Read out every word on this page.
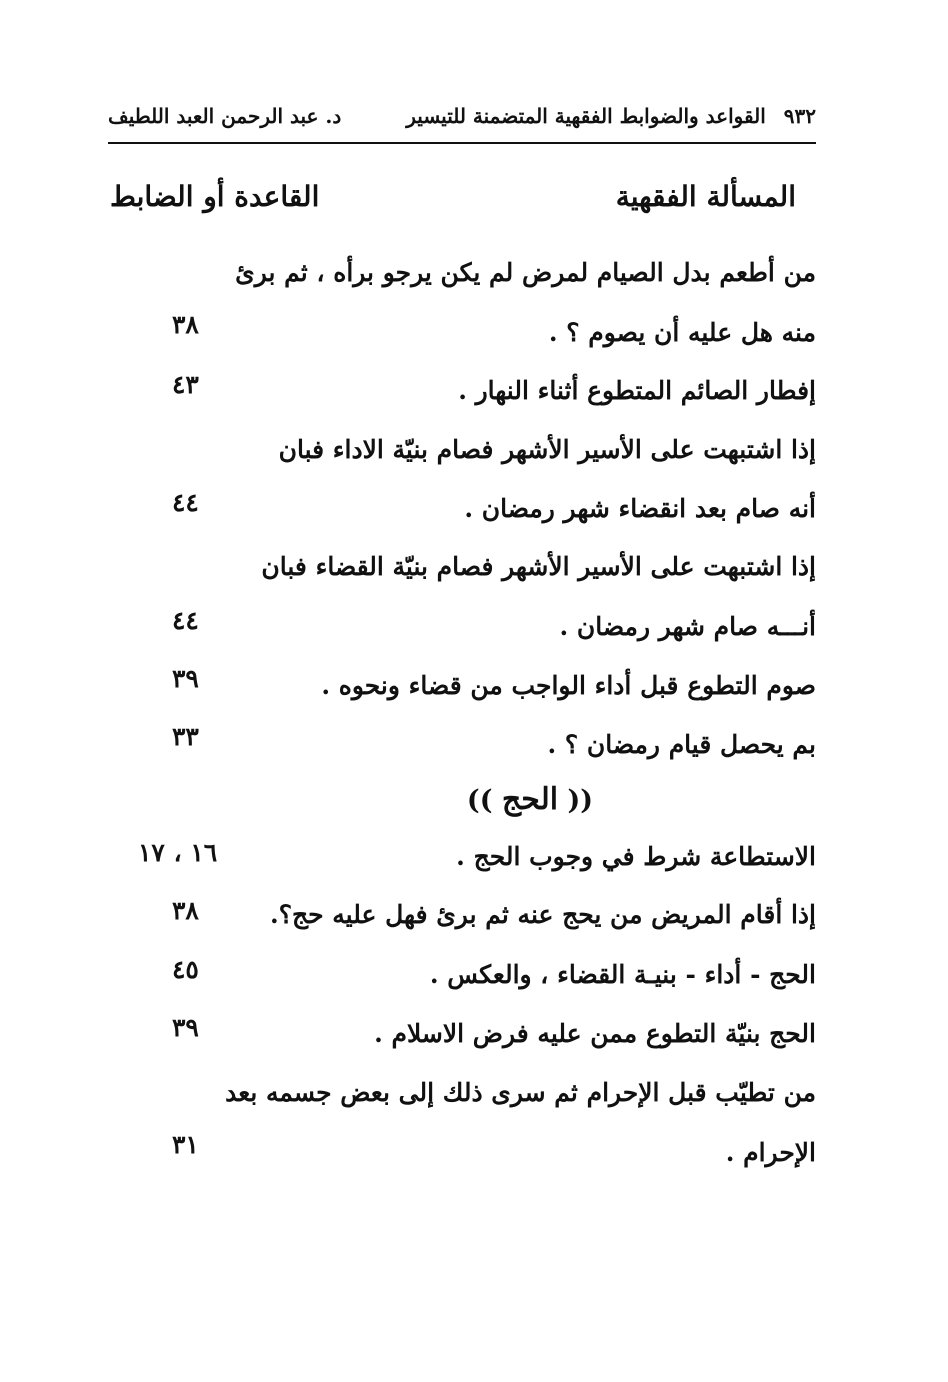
٩٣٢
القواعد والضوابط الفقهية المتضمنة للتيسير
د. عبد الرحمن العبد اللطيف
المسألة الفقهية
القاعدة أو الضابط
من أطعم بدل الصيام لمرض لم يكن يرجو برأه ، ثم برئ
منه هل عليه أن يصوم ؟ .
٣٨
إفطار الصائم المتطوع أثناء النهار .
٤٣
إذا اشتبهت على الأسير الأشهر فصام بنيّة الاداء فبان
أنه صام بعد انقضاء شهر رمضان .
٤٤
إذا اشتبهت على الأسير الأشهر فصام بنيّة القضاء فبان
أنـــه صام شهر رمضان .
٤٤
صوم التطوع قبل أداء الواجب من قضاء ونحوه .
٣٩
بم يحصل قيام رمضان ؟ .
٣٣
(( الحج ))
الاستطاعة شرط في وجوب الحج .
١٦ ، ١٧
إذا أقام المريض من يحج عنه ثم برئ فهل عليه حج؟.
٣٨
الحج - أداء - بنيـة القضاء ، والعكس .
٤٥
الحج بنيّة التطوع ممن عليه فرض الاسلام .
٣٩
من تطيّب قبل الإحرام ثم سرى ذلك إلى بعض جسمه بعد
الإحرام .
٣١
